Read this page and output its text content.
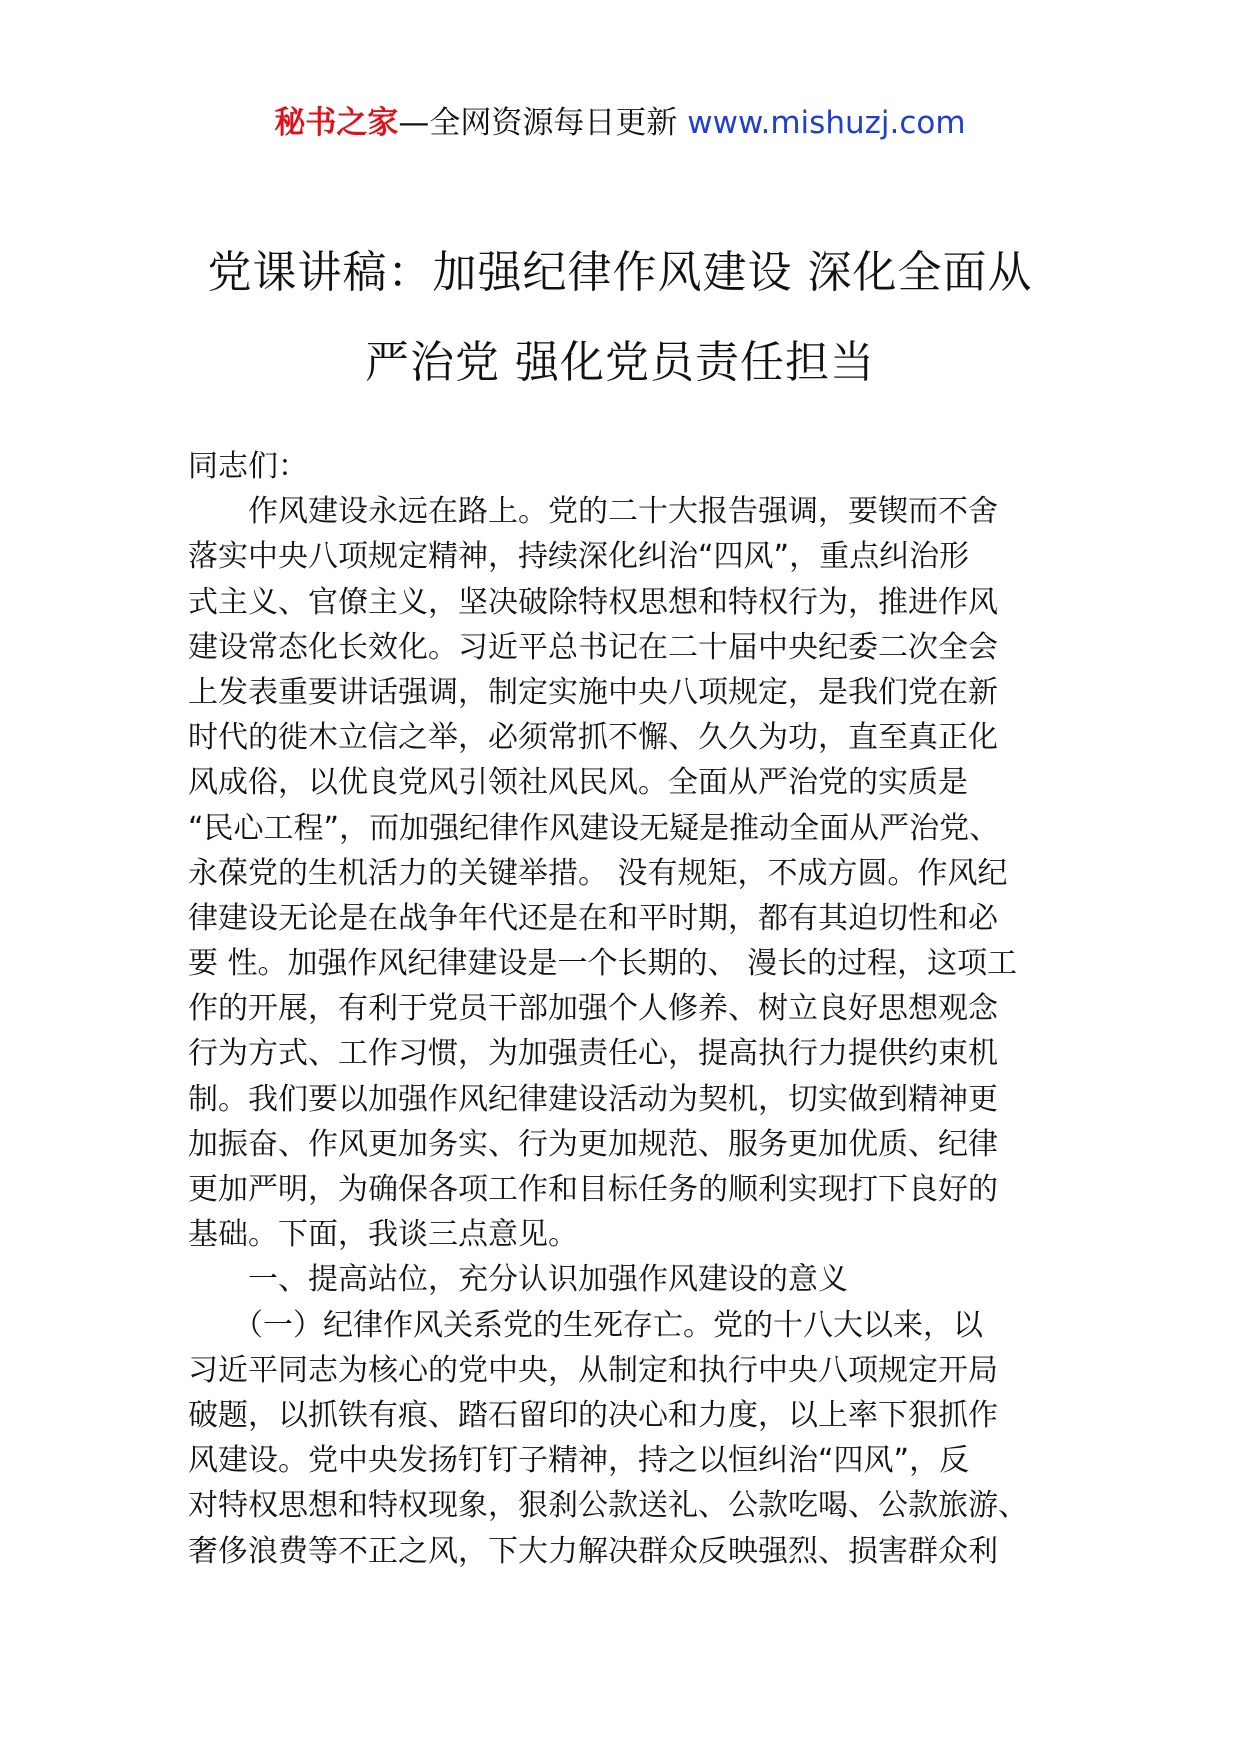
秘书之家—全网资源每日更新 www.mishuzj.com
党课讲稿：加强纪律作风建设 深化全面从
严治党 强化党员责任担当
同志们：
　　作风建设永远在路上。党的二十大报告强调，要锲而不舍
落实中央八项规定精神，持续深化纠治“四风”，重点纠治形
式主义、官僚主义，坚决破除特权思想和特权行为，推进作风
建设常态化长效化。习近平总书记在二十届中央纪委二次全会
上发表重要讲话强调，制定实施中央八项规定，是我们党在新
时代的徙木立信之举，必须常抓不懈、久久为功，直至真正化
风成俗，以优良党风引领社风民风。全面从严治党的实质是
“民心工程”，而加强纪律作风建设无疑是推动全面从严治党、
永葆党的生机活力的关键举措。 没有规矩，不成方圆。作风纪
律建设无论是在战争年代还是在和平时期，都有其迫切性和必
要 性。加强作风纪律建设是一个长期的、 漫长的过程，这项工
作的开展，有利于党员干部加强个人修养、树立良好思想观念
行为方式、工作习惯，为加强责任心，提高执行力提供约束机
制。我们要以加强作风纪律建设活动为契机，切实做到精神更
加振奋、作风更加务实、行为更加规范、服务更加优质、纪律
更加严明，为确保各项工作和目标任务的顺利实现打下良好的
基础。下面，我谈三点意见。
　　一、提高站位，充分认识加强作风建设的意义
　　（一）纪律作风关系党的生死存亡。党的十八大以来，以
习近平同志为核心的党中央，从制定和执行中央八项规定开局
破题，以抓铁有痕、踏石留印的决心和力度，以上率下狠抓作
风建设。党中央发扬钉钉子精神，持之以恒纠治“四风”，反
对特权思想和特权现象，狠刹公款送礼、公款吃喝、公款旅游、
奢侈浪费等不正之风，下大力解决群众反映强烈、损害群众利
